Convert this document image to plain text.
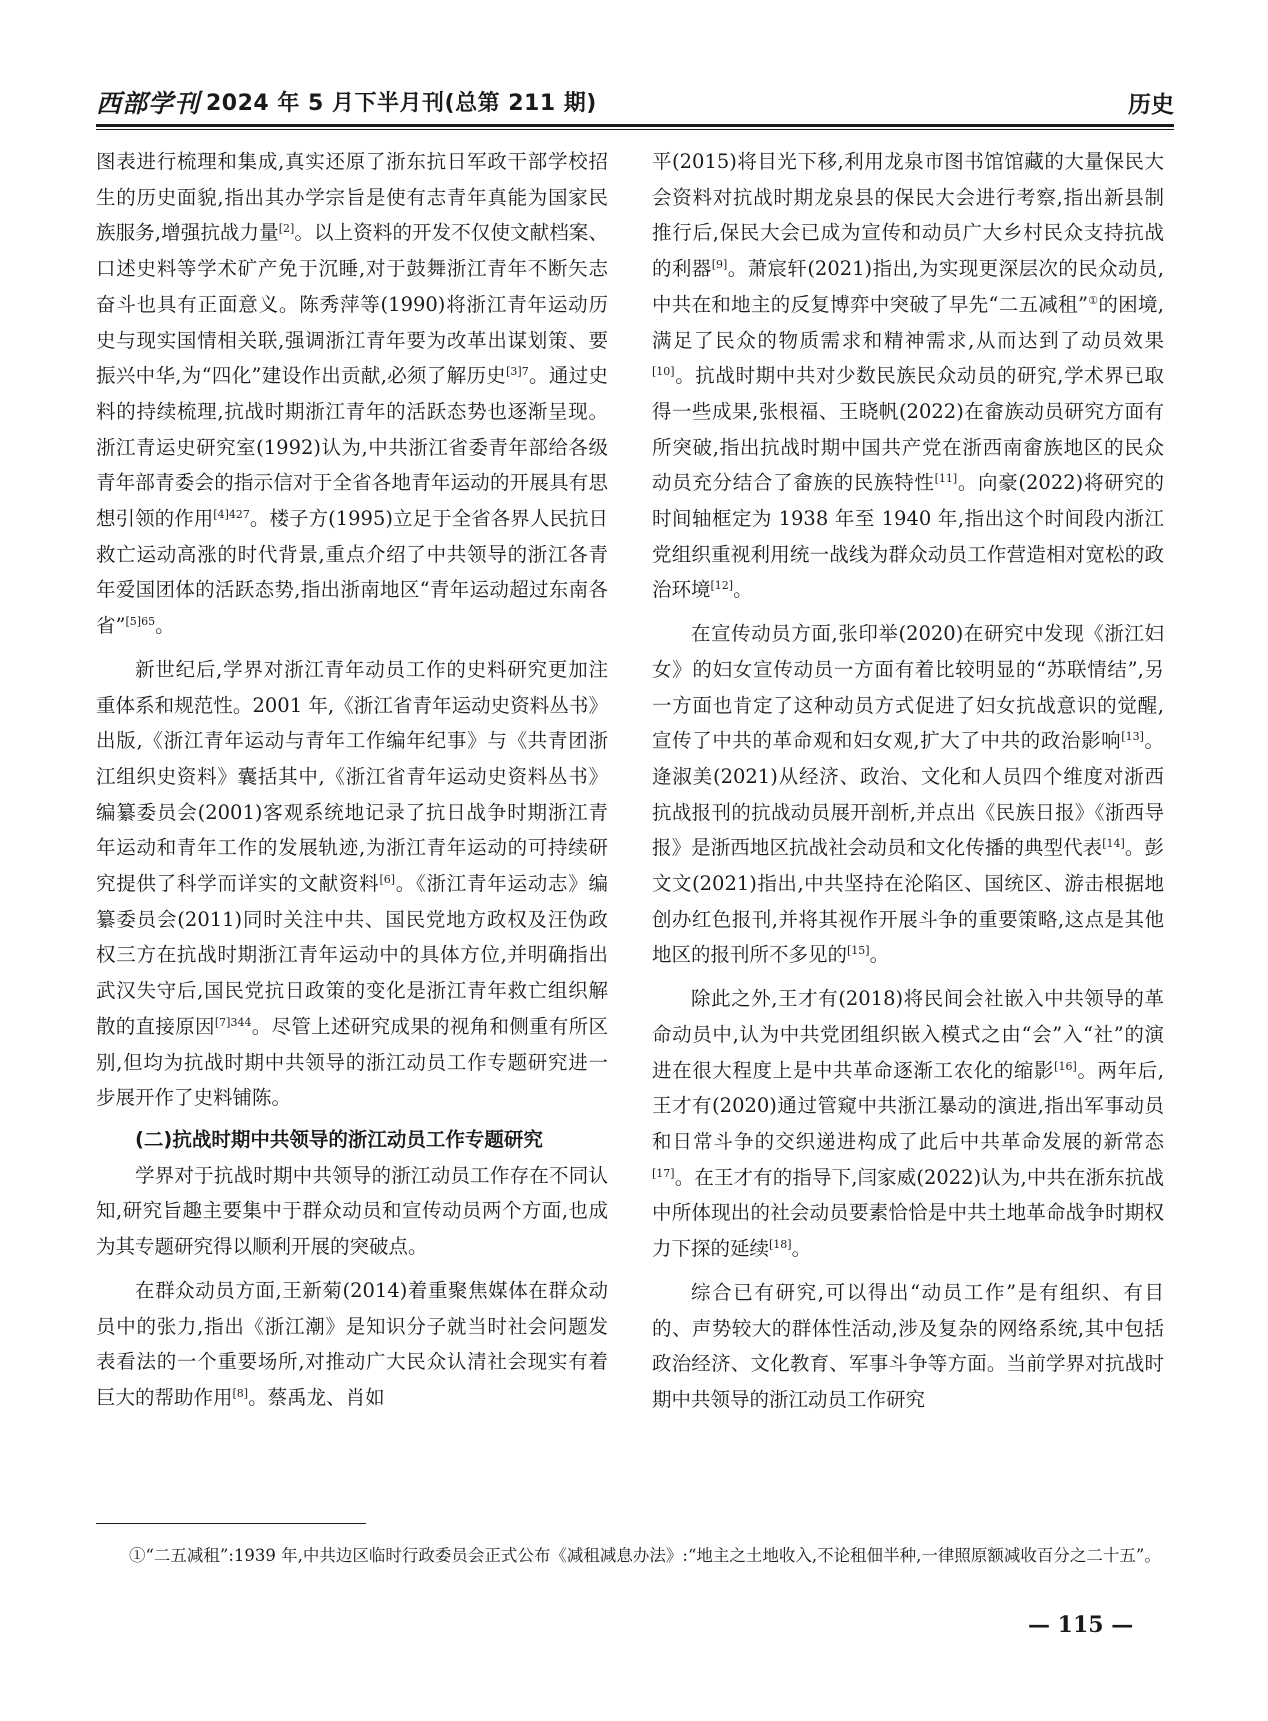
西部学刊 2024 年 5 月下半月刊(总第 211 期)	历史

图表进行梳理和集成,真实还原了浙东抗日军政干部学校招生的历史面貌,指出其办学宗旨是使有志青年真能为国家民族服务,增强抗战力量[2]。以上资料的开发不仅使文献档案、口述史料等学术矿产免于沉睡,对于鼓舞浙江青年不断矢志奋斗也具有正面意义。陈秀萍等(1990)将浙江青年运动历史与现实国情相关联,强调浙江青年要为改革出谋划策、要振兴中华,为“四化”建设作出贡献,必须了解历史$^{[3]7}$。通过史料的持续梳理,抗战时期浙江青年的活跃态势也逐渐呈现。浙江青运史研究室(1992)认为,中共浙江省委青年部给各级青年部青委会的指示信对于全省各地青年运动的开展具有思想引领的作用$^{[4]427}$。楼子方(1995)立足于全省各界人民抗日救亡运动高涨的时代背景,重点介绍了中共领导的浙江各青年爱国团体的活跃态势,指出浙南地区“青年运动超过东南各省”$^{[5]65}$。

新世纪后,学界对浙江青年动员工作的史料研究更加注重体系和规范性。2001 年,《浙江省青年运动史资料丛书》出版,《浙江青年运动与青年工作编年纪事》与《共青团浙江组织史资料》囊括其中,《浙江省青年运动史资料丛书》编纂委员会(2001)客观系统地记录了抗日战争时期浙江青年运动和青年工作的发展轨迹,为浙江青年运动的可持续研究提供了科学而详实的文献资料[6]。《浙江青年运动志》编纂委员会(2011)同时关注中共、国民党地方政权及汪伪政权三方在抗战时期浙江青年运动中的具体方位,并明确指出武汉失守后,国民党抗日政策的变化是浙江青年救亡组织解散的直接原因$^{[7]344}$。尽管上述研究成果的视角和侧重有所区别,但均为抗战时期中共领导的浙江动员工作专题研究进一步展开作了史料铺陈。

(二)抗战时期中共领导的浙江动员工作专题研究

学界对于抗战时期中共领导的浙江动员工作存在不同认知,研究旨趣主要集中于群众动员和宣传动员两个方面,也成为其专题研究得以顺利开展的突破点。

在群众动员方面,王新菊(2014)着重聚焦媒体在群众动员中的张力,指出《浙江潮》是知识分子就当时社会问题发表看法的一个重要场所,对推动广大民众认清社会现实有着巨大的帮助作用[8]。蔡禹龙、肖如

平(2015)将目光下移,利用龙泉市图书馆馆藏的大量保民大会资料对抗战时期龙泉县的保民大会进行考察,指出新县制推行后,保民大会已成为宣传和动员广大乡村民众支持抗战的利器[9]。萧宸轩(2021)指出,为实现更深层次的民众动员,中共在和地主的反复博弈中突破了早先“二五减租”①的困境,满足了民众的物质需求和精神需求,从而达到了动员效果[10]。抗战时期中共对少数民族民众动员的研究,学术界已取得一些成果,张根福、王晓帆(2022)在畲族动员研究方面有所突破,指出抗战时期中国共产党在浙西南畲族地区的民众动员充分结合了畲族的民族特性[11]。向豪(2022)将研究的时间轴框定为 1938 年至 1940 年,指出这个时间段内浙江党组织重视利用统一战线为群众动员工作营造相对宽松的政治环境[12]。

在宣传动员方面,张印举(2020)在研究中发现《浙江妇女》的妇女宣传动员一方面有着比较明显的“苏联情结”,另一方面也肯定了这种动员方式促进了妇女抗战意识的觉醒,宣传了中共的革命观和妇女观,扩大了中共的政治影响[13]。逄淑美(2021)从经济、政治、文化和人员四个维度对浙西抗战报刊的抗战动员展开剖析,并点出《民族日报》《浙西导报》是浙西地区抗战社会动员和文化传播的典型代表[14]。彭文文(2021)指出,中共坚持在沦陷区、国统区、游击根据地创办红色报刊,并将其视作开展斗争的重要策略,这点是其他地区的报刊所不多见的[15]。

除此之外,王才有(2018)将民间会社嵌入中共领导的革命动员中,认为中共党团组织嵌入模式之由“会”入“社”的演进在很大程度上是中共革命逐渐工农化的缩影[16]。两年后,王才有(2020)通过管窥中共浙江暴动的演进,指出军事动员和日常斗争的交织递进构成了此后中共革命发展的新常态[17]。在王才有的指导下,闫家威(2022)认为,中共在浙东抗战中所体现出的社会动员要素恰恰是中共土地革命战争时期权力下探的延续[18]。

综合已有研究,可以得出“动员工作”是有组织、有目的、声势较大的群体性活动,涉及复杂的网络系统,其中包括政治经济、文化教育、军事斗争等方面。当前学界对抗战时期中共领导的浙江动员工作研究

①“二五减租”:1939 年,中共边区临时行政委员会正式公布《减租减息办法》:“地主之土地收入,不论租佃半种,一律照原额减收百分之二十五”。
— 115 —
